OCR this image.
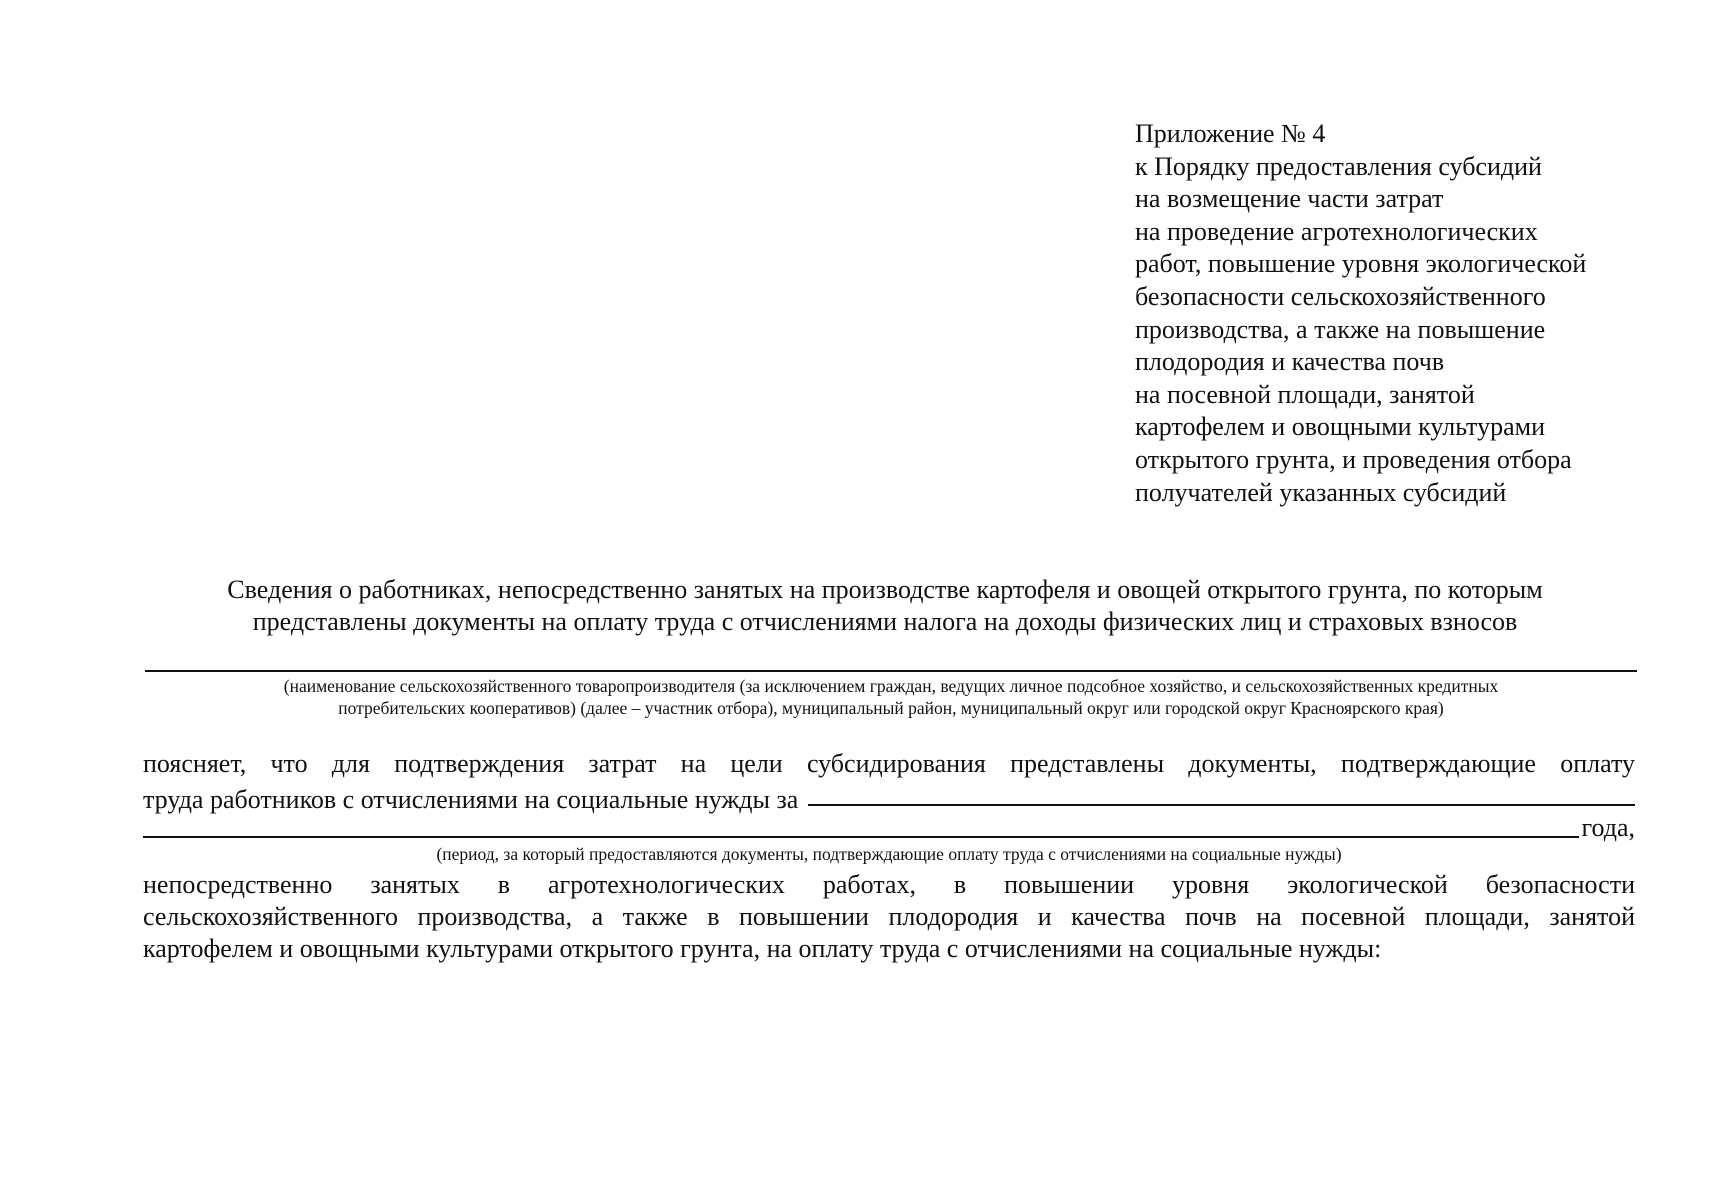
Приложение № 4
к Порядку предоставления субсидий
на возмещение части затрат
на проведение агротехнологических
работ, повышение уровня экологической
безопасности сельскохозяйственного
производства, а также на повышение
плодородия и качества почв
на посевной площади, занятой
картофелем и овощными культурами
открытого грунта, и проведения отбора
получателей указанных субсидий
Сведения о работниках, непосредственно занятых на производстве картофеля и овощей открытого грунта, по которым
представлены документы на оплату труда с отчислениями налога на доходы физических лиц и страховых взносов
(наименование сельскохозяйственного товаропроизводителя (за исключением граждан, ведущих личное подсобное хозяйство, и сельскохозяйственных кредитных
потребительских кооперативов) (далее – участник отбора), муниципальный район, муниципальный округ или городской округ Красноярского края)
поясняет, что для подтверждения затрат на цели субсидирования представлены документы, подтверждающие оплату
труда работников с отчислениями на социальные нужды за
года,
(период, за который предоставляются документы, подтверждающие оплату труда с отчислениями на социальные нужды)
непосредственно занятых в агротехнологических работах, в повышении уровня экологической безопасности
сельскохозяйственного производства, а также в повышении плодородия и качества почв на посевной площади, занятой
картофелем и овощными культурами открытого грунта, на оплату труда с отчислениями на социальные нужды:
